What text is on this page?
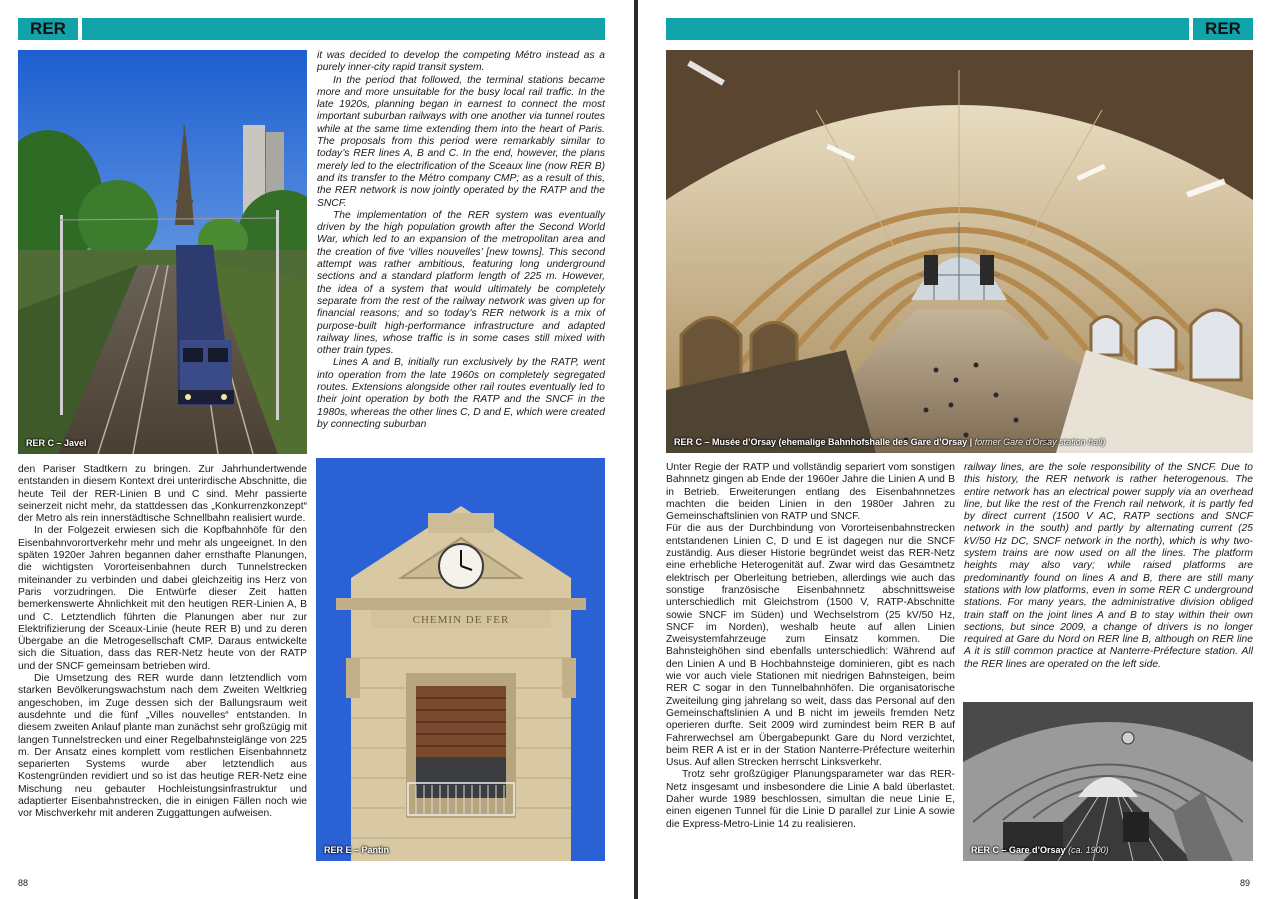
RER
RER C – Javel

it was decided to develop the competing Métro instead as a purely inner-city rapid transit system.

In the period that followed, the terminal stations became more and more unsuitable for the busy local rail traffic. In the late 1920s, planning began in earnest to connect the most important suburban railways with one another via tunnel routes while at the same time extending them into the heart of Paris. The proposals from this period were remarkably similar to today’s RER lines A, B and C. In the end, however, the plans merely led to the electrification of the Sceaux line (now RER B) and its transfer to the Métro company CMP; as a result of this, the RER network is now jointly operated by the RATP and the SNCF.

The implementation of the RER system was eventually driven by the high population growth after the Second World War, which led to an expansion of the metropolitan area and the creation of five ‘villes nouvelles’ [new towns]. This second attempt was rather ambitious, featuring long underground sections and a standard platform length of 225 m. However, the idea of a system that would ultimately be completely separate from the rest of the railway network was given up for financial reasons; and so today’s RER network is a mix of purpose-built high-performance infrastructure and adapted railway lines, whose traffic is in some cases still mixed with other train types.

Lines A and B, initially run exclusively by the RATP, went into operation from the late 1960s on completely segregated routes. Extensions alongside other rail routes eventually led to their joint operation by both the RATP and the SNCF in the 1980s, whereas the other lines C, D and E, which were created by connecting suburban

den Pariser Stadtkern zu bringen. Zur Jahrhundertwende entstanden in diesem Kontext drei unterirdische Abschnitte, die heute Teil der RER-Linien B und C sind. Mehr passierte seinerzeit nicht mehr, da stattdessen das „Konkurrenzkonzept“ der Metro als rein innerstädtische Schnellbahn realisiert wurde.

In der Folgezeit erwiesen sich die Kopfbahnhöfe für den Eisenbahnvorortverkehr mehr und mehr als ungeeignet. In den späten 1920er Jahren begannen daher ernsthafte Planungen, die wichtigsten Vororteisenbahnen durch Tunnelstrecken miteinander zu verbinden und dabei gleichzeitig ins Herz von Paris vorzudringen. Die Entwürfe dieser Zeit hatten bemerkenswerte Ähnlichkeit mit den heutigen RER-Linien A, B und C. Letztendlich führten die Planungen aber nur zur Elektrifizierung der Sceaux-Linie (heute RER B) und zu deren Übergabe an die Metrogesellschaft CMP. Daraus entwickelte sich die Situation, dass das RER-Netz heute von der RATP und der SNCF gemeinsam betrieben wird.

Die Umsetzung des RER wurde dann letztendlich vom starken Bevölkerungswachstum nach dem Zweiten Weltkrieg angeschoben, im Zuge dessen sich der Ballungsraum weit ausdehnte und die fünf „Villes nouvelles“ entstanden. In diesem zweiten Anlauf plante man zunächst sehr großzügig mit langen Tunnelstrecken und einer Regelbahnsteiglänge von 225 m. Der Ansatz eines komplett vom restlichen Eisenbahnnetz separierten Systems wurde aber letztendlich aus Kostengründen revidiert und so ist das heutige RER-Netz eine Mischung neu gebauter Hochleistungsinfrastruktur und adaptierter Eisenbahnstrecken, die in einigen Fällen noch wie vor Mischverkehr mit anderen Zuggattungen aufweisen.

CHEMIN DE FER
RER E – Pantin
88
RER
RER C – Musée d’Orsay (ehemalige Bahnhofshalle des Gare d’Orsay | former Gare d’Orsay station hall)

Unter Regie der RATP und vollständig separiert vom sonstigen Bahnnetz gingen ab Ende der 1960er Jahre die Linien A und B in Betrieb. Erweiterungen entlang des Eisenbahnnetzes machten die beiden Linien in den 1980er Jahren zu Gemeinschaftslinien von RATP und SNCF.

Für die aus der Durchbindung von Vororteisenbahnstrecken entstandenen Linien C, D und E ist dagegen nur die SNCF zuständig. Aus dieser Historie begründet weist das RER-Netz eine erhebliche Heterogenität auf. Zwar wird das Gesamtnetz elektrisch per Oberleitung betrieben, allerdings wie auch das sonstige französische Eisenbahnnetz abschnittsweise unterschiedlich mit Gleichstrom (1500 V, RATP-Abschnitte sowie SNCF im Süden) und Wechselstrom (25 kV/50 Hz, SNCF im Norden), weshalb heute auf allen Linien Zweisystemfahrzeuge zum Einsatz kommen. Die Bahnsteighöhen sind ebenfalls unterschiedlich: Während auf den Linien A und B Hochbahnsteige dominieren, gibt es nach wie vor auch viele Stationen mit niedrigen Bahnsteigen, beim RER C sogar in den Tunnelbahnhöfen. Die organisatorische Zweiteilung ging jahrelang so weit, dass das Personal auf den Gemeinschaftslinien A und B nicht im jeweils fremden Netz operieren durfte. Seit 2009 wird zumindest beim RER B auf Fahrerwechsel am Übergabepunkt Gare du Nord verzichtet, beim RER A ist er in der Station Nanterre-Préfecture weiterhin Usus. Auf allen Strecken herrscht Linksverkehr.

Trotz sehr großzügiger Planungsparameter war das RER-Netz insgesamt und insbesondere die Linie A bald überlastet. Daher wurde 1989 beschlossen, simultan die neue Linie E, einen eigenen Tunnel für die Linie D parallel zur Linie A sowie die Express-Metro-Linie 14 zu realisieren.

railway lines, are the sole responsibility of the SNCF. Due to this history, the RER network is rather heterogenous. The entire network has an electrical power supply via an overhead line, but like the rest of the French rail network, it is partly fed by direct current (1500 V AC, RATP sections and SNCF network in the south) and partly by alternating current (25 kV/50 Hz DC, SNCF network in the north), which is why two-system trains are now used on all the lines. The platform heights may also vary; while raised platforms are predominantly found on lines A and B, there are still many stations with low platforms, even in some RER C underground stations. For many years, the administrative division obliged train staff on the joint lines A and B to stay within their own sections, but since 2009, a change of drivers is no longer required at Gare du Nord on RER line B, although on RER line A it is still common practice at Nanterre-Préfecture station. All the RER lines are operated on the left side.

RER C – Gare d’Orsay (ca. 1900)
89
